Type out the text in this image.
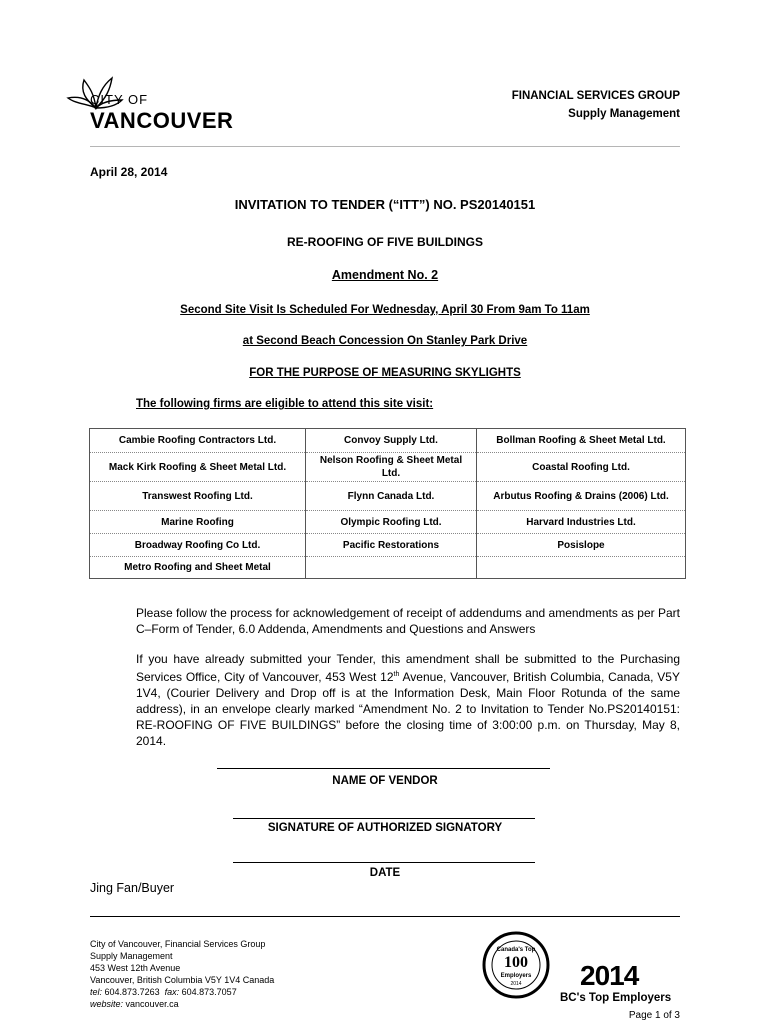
CITY OF
VANCOUVER
FINANCIAL SERVICES GROUP
Supply Management
April 28, 2014
INVITATION TO TENDER (“ITT”) NO. PS20140151
RE-ROOFING OF FIVE BUILDINGS
Amendment No. 2
Second Site Visit Is Scheduled For Wednesday, April 30 From 9am To 11am
at Second Beach Concession On Stanley Park Drive
FOR THE PURPOSE OF MEASURING SKYLIGHTS
The following firms are eligible to attend this site visit:
Cambie Roofing Contractors Ltd.	Convoy Supply Ltd.	Bollman Roofing & Sheet Metal Ltd.
Mack Kirk Roofing & Sheet Metal Ltd.	Nelson Roofing & Sheet Metal Ltd.	Coastal Roofing Ltd.
Transwest Roofing Ltd.	Flynn Canada Ltd.	Arbutus Roofing & Drains (2006) Ltd.
Marine Roofing	Olympic Roofing Ltd.	Harvard Industries Ltd.
Broadway Roofing Co Ltd.	Pacific Restorations	Posislope
Metro Roofing and Sheet Metal		
Please follow the process for acknowledgement of receipt of addendums and amendments as per Part C–Form of Tender, 6.0 Addenda, Amendments and Questions and Answers
If you have already submitted your Tender, this amendment shall be submitted to the Purchasing Services Office, City of Vancouver, 453 West 12th Avenue, Vancouver, British Columbia, Canada, V5Y 1V4, (Courier Delivery and Drop off is at the Information Desk, Main Floor Rotunda of the same address), in an envelope clearly marked “Amendment No. 2 to Invitation to Tender No.PS20140151: RE-ROOFING OF FIVE BUILDINGS” before the closing time of 3:00:00 p.m. on Thursday, May 8, 2014.
NAME OF VENDOR
SIGNATURE OF AUTHORIZED SIGNATORY
DATE
Jing Fan/Buyer
City of Vancouver, Financial Services Group
Supply Management
453 West 12th Avenue
Vancouver, British Columbia V5Y 1V4 Canada
tel: 604.873.7263 fax: 604.873.7057
website: vancouver.ca
Canada's Top
100
Employers
2014	2014
BC's Top Employers
Page 1 of 3
